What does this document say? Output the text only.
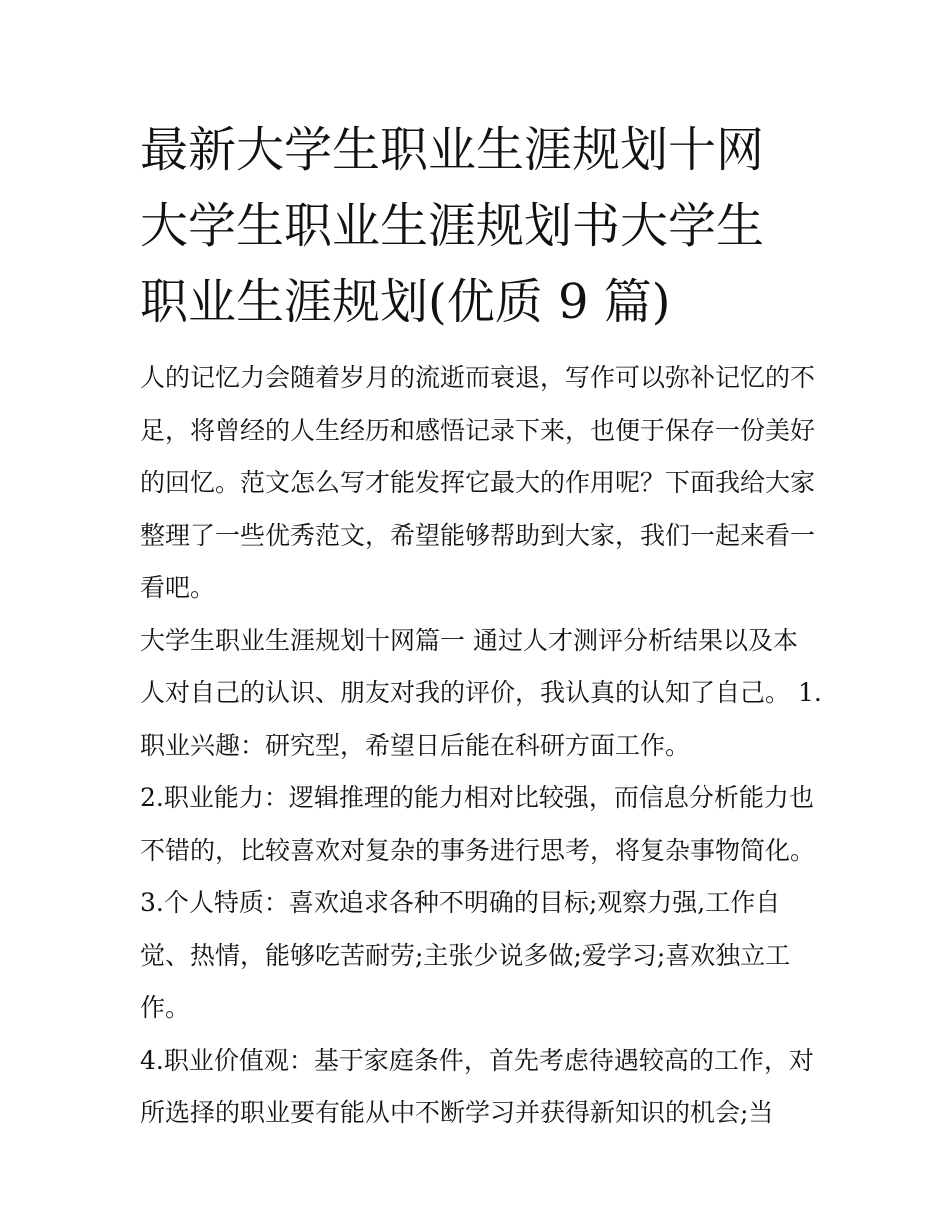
最新大学生职业生涯规划十网
大学生职业生涯规划书大学生
职业生涯规划(优质 9 篇)
人的记忆力会随着岁月的流逝而衰退，写作可以弥补记忆的不
足，将曾经的人生经历和感悟记录下来，也便于保存一份美好
的回忆。范文怎么写才能发挥它最大的作用呢？下面我给大家
整理了一些优秀范文，希望能够帮助到大家，我们一起来看一
看吧。
大学生职业生涯规划十网篇一 通过人才测评分析结果以及本
人对自己的认识、朋友对我的评价，我认真的认知了自己。 1.
职业兴趣：研究型，希望日后能在科研方面工作。
2.职业能力：逻辑推理的能力相对比较强，而信息分析能力也
不错的，比较喜欢对复杂的事务进行思考，将复杂事物简化。
3.个人特质：喜欢追求各种不明确的目标;观察力强,工作自
觉、热情，能够吃苦耐劳;主张少说多做;爱学习;喜欢独立工
作。
4.职业价值观：基于家庭条件，首先考虑待遇较高的工作，对
所选择的职业要有能从中不断学习并获得新知识的机会;当
